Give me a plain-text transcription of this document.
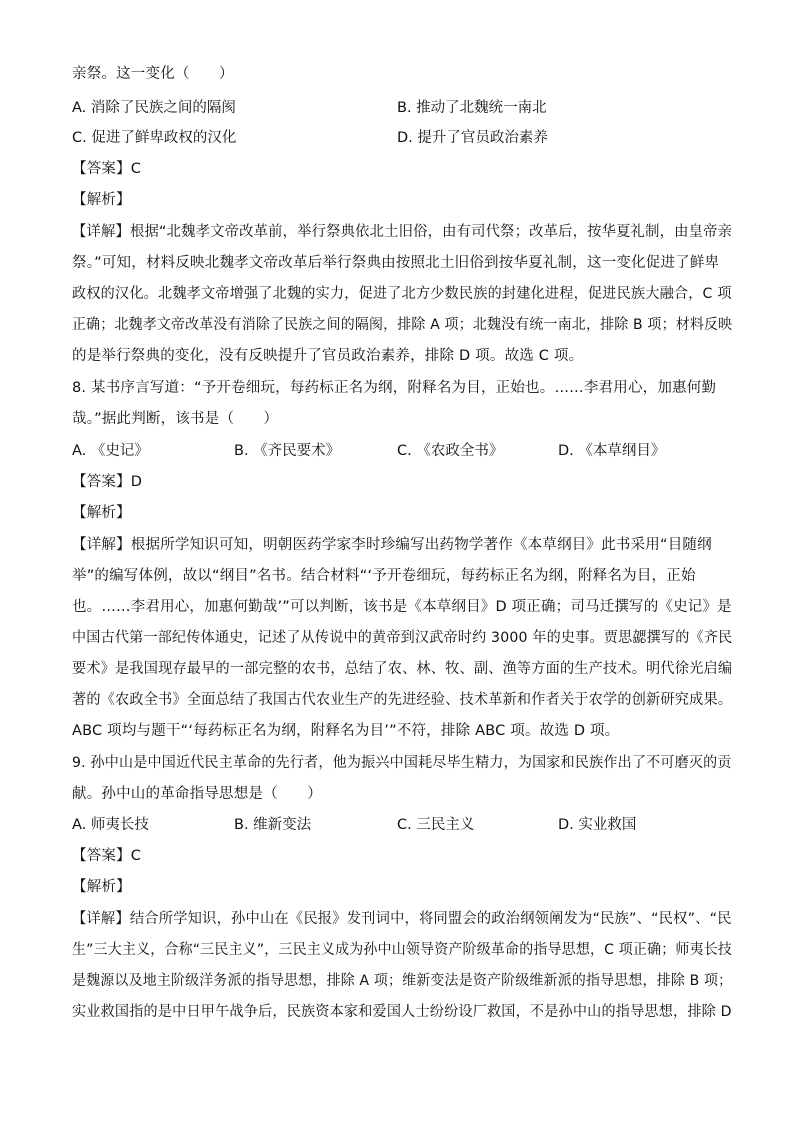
亲祭。这一变化（　　）
A. 消除了民族之间的隔阂	B. 推动了北魏统一南北
C. 促进了鲜卑政权的汉化	D. 提升了官员政治素养
【答案】C
【解析】
【详解】根据“北魏孝文帝改革前，举行祭典依北土旧俗，由有司代祭；改革后，按华夏礼制，由皇帝亲
祭。”可知，材料反映北魏孝文帝改革后举行祭典由按照北土旧俗到按华夏礼制，这一变化促进了鲜卑
政权的汉化。北魏孝文帝增强了北魏的实力，促进了北方少数民族的封建化进程，促进民族大融合，C 项
正确；北魏孝文帝改革没有消除了民族之间的隔阂，排除 A 项；北魏没有统一南北，排除 B 项；材料反映
的是举行祭典的变化，没有反映提升了官员政治素养，排除 D 项。故选 C 项。
8. 某书序言写道：“予开卷细玩，每药标正名为纲，附释名为目，正始也。……李君用心，加惠何勤
哉。”据此判断，该书是（　　）
A. 《史记》	B. 《齐民要术》	C. 《农政全书》	D. 《本草纲目》
【答案】D
【解析】
【详解】根据所学知识可知，明朝医药学家李时珍编写出药物学著作《本草纲目》此书采用“目随纲
举”的编写体例，故以“纲目”名书。结合材料“‘予开卷细玩，每药标正名为纲，附释名为目，正始
也。……李君用心，加惠何勤哉’”可以判断，该书是《本草纲目》D 项正确；司马迁撰写的《史记》是
中国古代第一部纪传体通史，记述了从传说中的黄帝到汉武帝时约 3000 年的史事。贾思勰撰写的《齐民
要术》是我国现存最早的一部完整的农书，总结了农、林、牧、副、渔等方面的生产技术。明代徐光启编
著的《农政全书》全面总结了我国古代农业生产的先进经验、技术革新和作者关于农学的创新研究成果。
ABC 项均与题干“‘每药标正名为纲，附释名为目’”不符，排除 ABC 项。故选 D 项。
9. 孙中山是中国近代民主革命的先行者，他为振兴中国耗尽毕生精力，为国家和民族作出了不可磨灭的贡
献。孙中山的革命指导思想是（　　）
A. 师夷长技	B. 维新变法	C. 三民主义	D. 实业救国
【答案】C
【解析】
【详解】结合所学知识，孙中山在《民报》发刊词中，将同盟会的政治纲领阐发为“民族”、“民权”、“民
生”三大主义，合称“三民主义”，三民主义成为孙中山领导资产阶级革命的指导思想，C 项正确；师夷长技
是魏源以及地主阶级洋务派的指导思想，排除 A 项；维新变法是资产阶级维新派的指导思想，排除 B 项；
实业救国指的是中日甲午战争后，民族资本家和爱国人士纷纷设厂救国，不是孙中山的指导思想，排除 D
